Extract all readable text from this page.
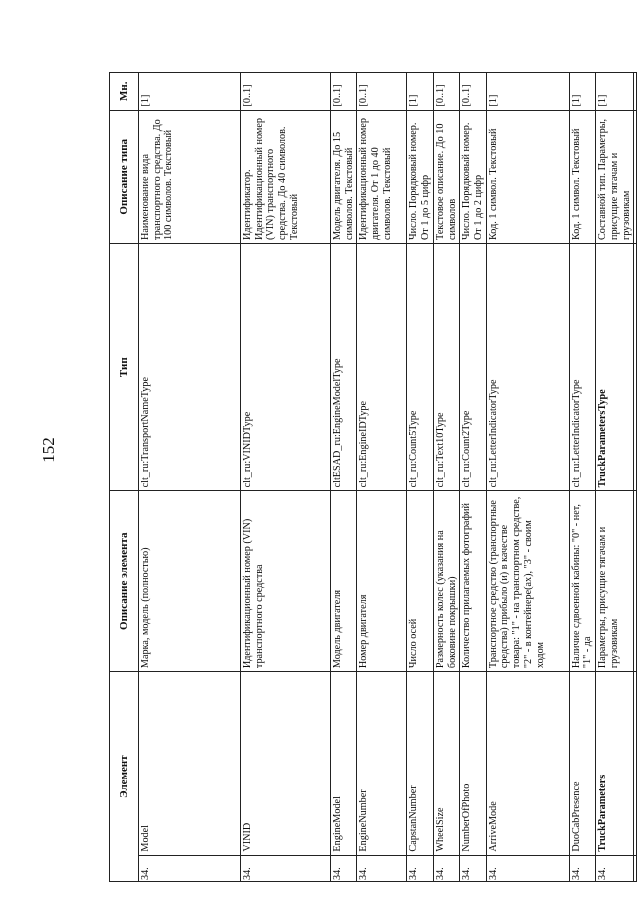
152
Элемент		Описание элемента	Тип	Описание типа	Мн.
34.	Model	Марка, модель (полностью)	clt_ru:TransportNameType	Наименование вида транспортного средства. До 100 символов. Текстовый	[1]
34.	VINID	Идентификационный номер (VIN) транспортного средства	clt_ru:VINIDType	Идентификатор. Идентификационный номер (VIN) транспортного средства. До 40 символов. Текстовый	[0..1]
34.	EngineModel	Модель двигателя	cltESAD_ru:EngineModelType	Модель двигателя. До 15 символов. Текстовый	[0..1]
34.	EngineNumber	Номер двигателя	clt_ru:EngineIDType	Идентификационный номер двигателя. От 1 до 40 символов. Текстовый	[0..1]
34.	CapstanNumber	Число осей	clt_ru:Count5Type	Число. Порядковый номер. От 1 до 5 цифр	[1]
34.	WheelSize	Размерность колес (указания на боковине покрышки)	clt_ru:Text10Type	Текстовое описание. До 10 символов	[0..1]
34.	NumberOfPhoto	Количество прилагаемых фотографий	clt_ru:Count2Type	Число. Порядковый номер. От 1 до 2 цифр	[0..1]
34.	ArriveMode	Транспортное средство (транспортные средства) прибыло (и) в качестве товара: "1" - на транспортном средстве, "2" - в контейнере(ах), "3" - своим ходом	clt_ru:LetterIndicatorType	Код. 1 символ. Текстовый	[1]
34.	DuoCabPresence	Наличие сдвоенной кабины: "0" - нет, "1" - да	clt_ru:LetterIndicatorType	Код. 1 символ. Текстовый	[1]
34.	TruckParameters	Параметры, присущие тягачам и грузовикам	TruckParametersType	Составной тип. Параметры, присущие тягачам и грузовикам	[1]
